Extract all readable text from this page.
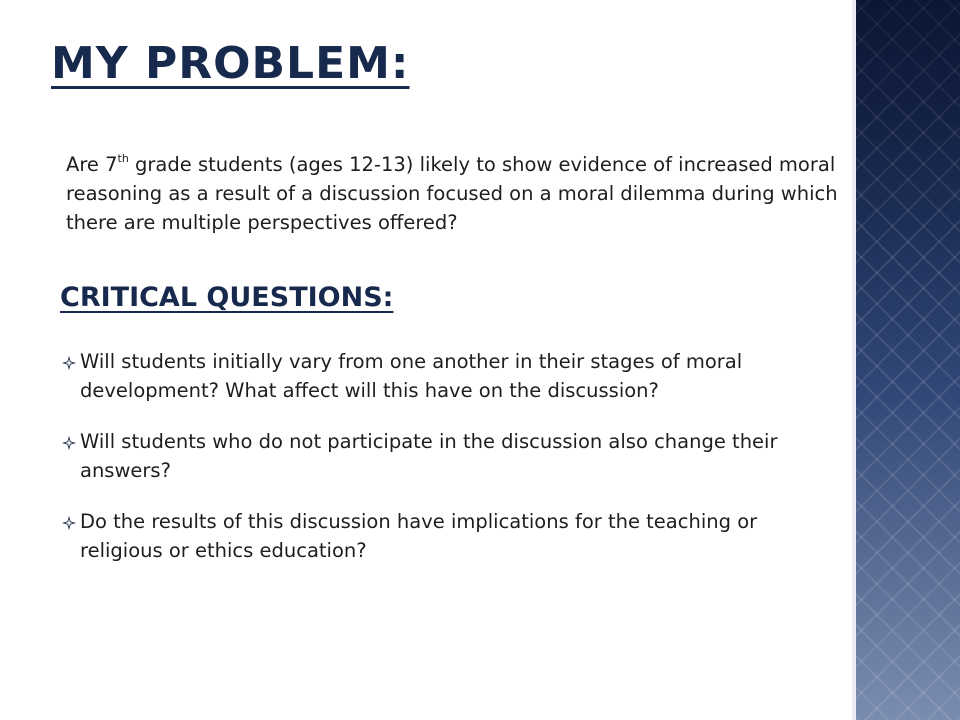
MY PROBLEM:

Are 7th grade students (ages 12-13) likely to show evidence of increased moral reasoning as a result of a discussion focused on a moral dilemma during which there are multiple perspectives offered?

CRITICAL QUESTIONS:
Will students initially vary from one another in their stages of moral development? What affect will this have on the discussion?
Will students who do not participate in the discussion also change their answers?
Do the results of this discussion have implications for the teaching or religious or ethics education?
